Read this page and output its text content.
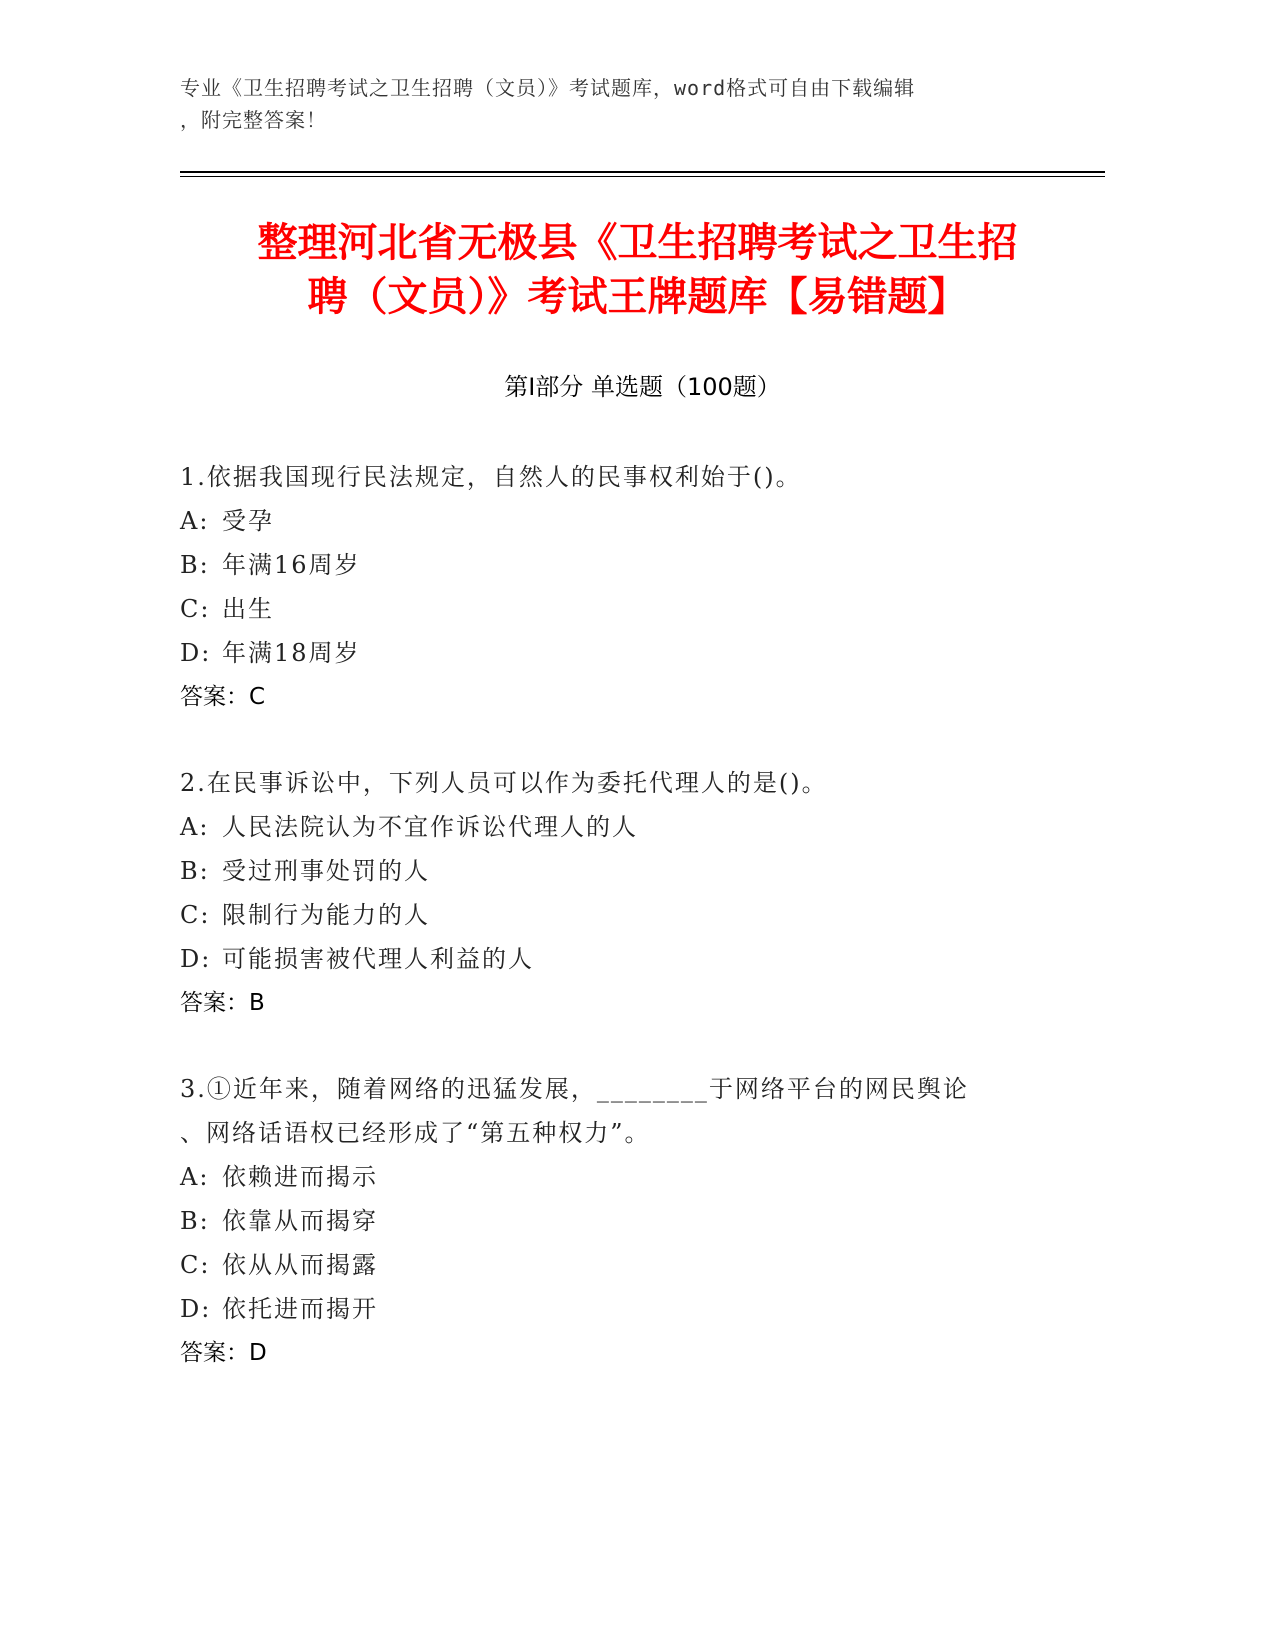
专业《卫生招聘考试之卫生招聘（文员）》考试题库，word格式可自由下载编辑
，附完整答案！
整理河北省无极县《卫生招聘考试之卫生招
聘（文员）》考试王牌题库【易错题】
第Ⅰ部分 单选题（100题）
1.依据我国现行民法规定，自然人的民事权利始于()。
A: 受孕
B: 年满16周岁
C: 出生
D: 年满18周岁
答案：C
2.在民事诉讼中，下列人员可以作为委托代理人的是()。
A: 人民法院认为不宜作诉讼代理人的人
B: 受过刑事处罚的人
C: 限制行为能力的人
D: 可能损害被代理人利益的人
答案：B
3.①近年来，随着网络的迅猛发展，________于网络平台的网民舆论
、网络话语权已经形成了“第五种权力”。
A: 依赖进而揭示
B: 依靠从而揭穿
C: 依从从而揭露
D: 依托进而揭开
答案：D
